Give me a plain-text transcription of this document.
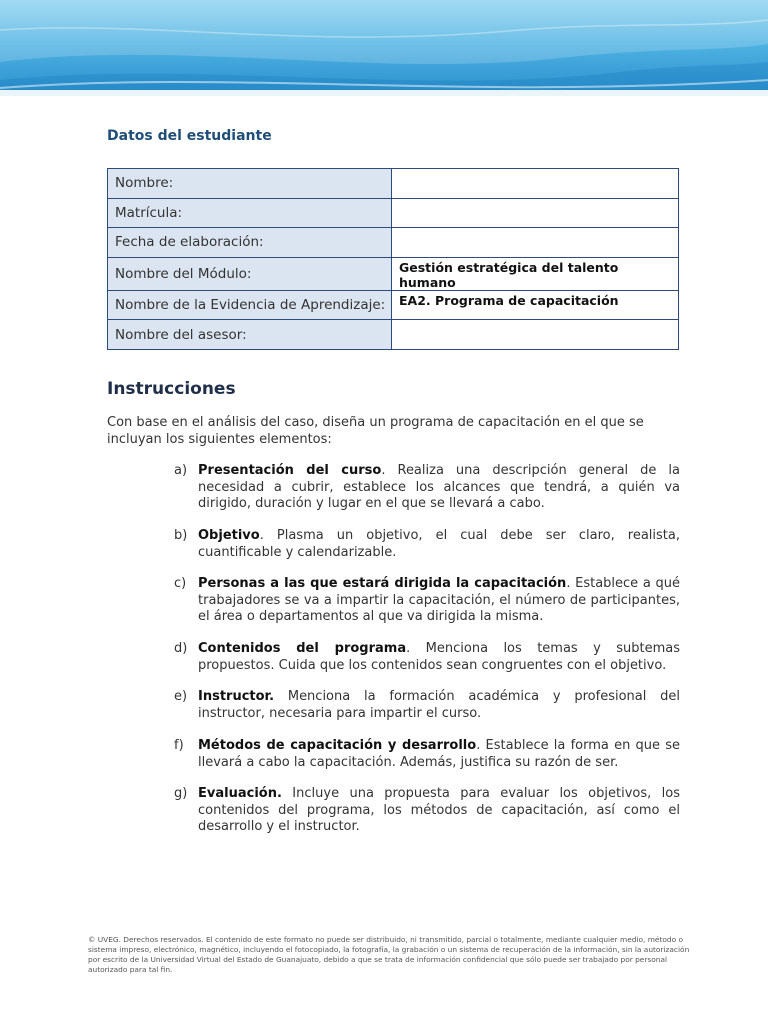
Datos del estudiante
Nombre:	
Matrícula:	
Fecha de elaboración:	
Nombre del Módulo:	Gestión estratégica del talento humano
Nombre de la Evidencia de Aprendizaje:	EA2. Programa de capacitación
Nombre del asesor:	
Instrucciones
Con base en el análisis del caso, diseña un programa de capacitación en el que se incluyan los siguientes elementos:
a) Presentación del curso. Realiza una descripción general de la necesidad a cubrir, establece los alcances que tendrá, a quién va dirigido, duración y lugar en el que se llevará a cabo.
b) Objetivo. Plasma un objetivo, el cual debe ser claro, realista, cuantificable y calendarizable.
c) Personas a las que estará dirigida la capacitación. Establece a qué trabajadores se va a impartir la capacitación, el número de participantes, el área o departamentos al que va dirigida la misma.
d) Contenidos del programa. Menciona los temas y subtemas propuestos. Cuida que los contenidos sean congruentes con el objetivo.
e) Instructor. Menciona la formación académica y profesional del instructor, necesaria para impartir el curso.
f)	Métodos de capacitación y desarrollo. Establece la forma en que se llevará a cabo la capacitación. Además, justifica su razón de ser.
g) Evaluación. Incluye una propuesta para evaluar los objetivos, los contenidos del programa, los métodos de capacitación, así como el desarrollo y el instructor.
© UVEG. Derechos reservados. El contenido de este formato no puede ser distribuido, ni transmitido, parcial o totalmente, mediante cualquier medio, método o sistema impreso, electrónico, magnético, incluyendo el fotocopiado, la fotografía, la grabación o un sistema de recuperación de la información, sin la autorización por escrito de la Universidad Virtual del Estado de Guanajuato, debido a que se trata de información confidencial que sólo puede ser trabajado por personal autorizado para tal fin.
